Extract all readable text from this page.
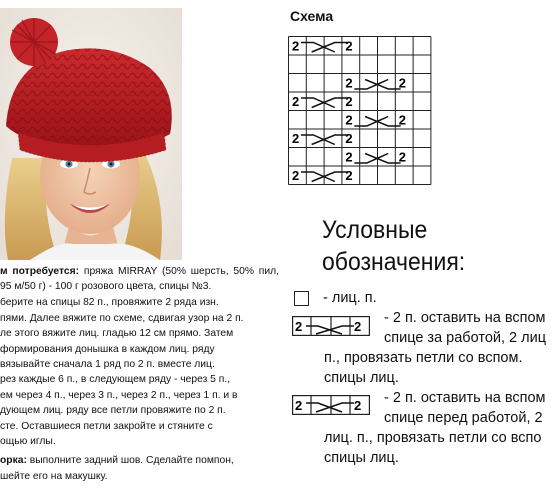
м потребуется: пряжа MIRRAY (50% шерсть, 50% пил, 95 м/50 г) - 100 г розового цвета, спицы №3.

берите на спицы 82 п., провяжите 2 ряда изн.
пями. Далее вяжите по схеме, сдвигая узор на 2 п.
ле этого вяжите лиц. гладью 12 см прямо. Затем
формирования донышка в каждом лиц. ряду
вязывайте сначала 1 ряд по 2 п. вместе лиц.
рез каждые 6 п., в следующем ряду - через 5 п.,
ем через 4 п., через 3 п., через 2 п., через 1 п. и в
дующем лиц. ряду все петли провяжите по 2 п.
сте. Оставшиеся петли закройте и стяните с
ощью иглы.
орка: выполните задний шов. Сделайте помпон,
шейте его на макушку.
Схема
2	2
2	2
2	2
2	2
2	2
2	2
2	2
Условные
обозначения:
- лиц. п.
2	2
- 2 п. оставить на вспом
спице за работой, 2 лиц
п., провязать петли со вспом.
спицы лиц.
2	2 - 2 п. оставить на вспом
спице перед работой, 2
лиц. п., провязать петли со вспо
спицы лиц.
